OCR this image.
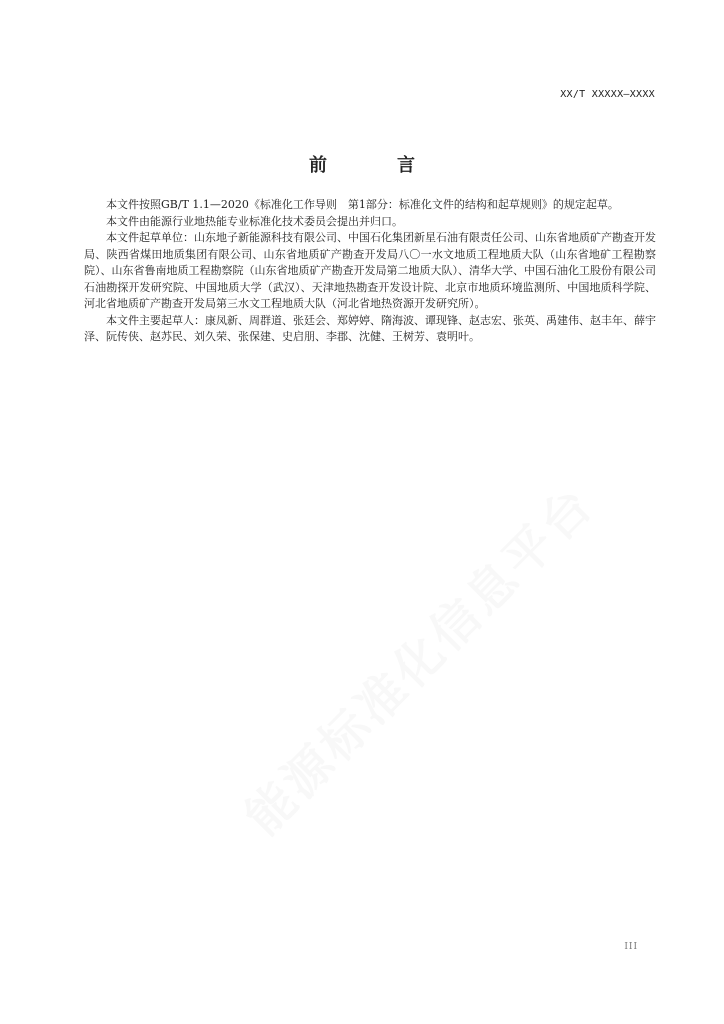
XX/T XXXXX—XXXX
前　言

本文件按照GB/T 1.1—2020《标准化工作导则　第1部分：标准化文件的结构和起草规则》的规定起草。

本文件由能源行业地热能专业标准化技术委员会提出并归口。

本文件起草单位：山东地子新能源科技有限公司、中国石化集团新星石油有限责任公司、山东省地质矿产勘查开发局、陕西省煤田地质集团有限公司、山东省地质矿产勘查开发局八〇一水文地质工程地质大队（山东省地矿工程勘察院）、山东省鲁南地质工程勘察院（山东省地质矿产勘查开发局第二地质大队）、清华大学、中国石油化工股份有限公司石油勘探开发研究院、中国地质大学（武汉）、天津地热勘查开发设计院、北京市地质环境监测所、中国地质科学院、河北省地质矿产勘查开发局第三水文工程地质大队（河北省地热资源开发研究所）。

本文件主要起草人：康凤新、周群道、张廷会、郑婷婷、隋海波、谭现锋、赵志宏、张英、禹建伟、赵丰年、薛宇泽、阮传侠、赵苏民、刘久荣、张保建、史启朋、李郡、沈健、王树芳、袁明叶。

能源标准化信息平台
III
